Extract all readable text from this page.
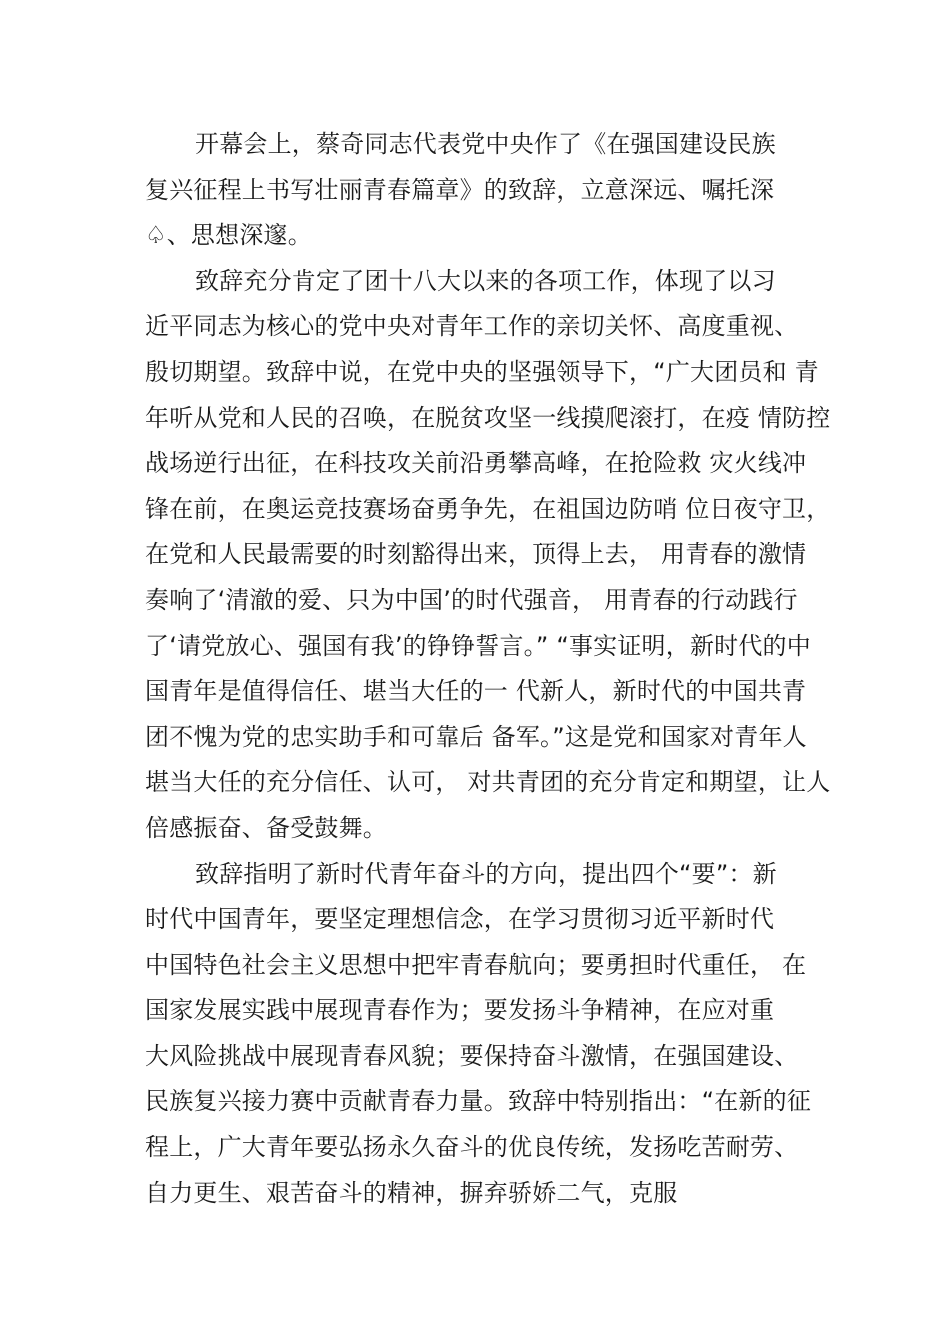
开幕会上，蔡奇同志代表党中央作了《在强国建设民族
复兴征程上书写壮丽青春篇章》的致辞，立意深远、嘱托深
♤、思想深邃。
致辞充分肯定了团十八大以来的各项工作，体现了以习
近平同志为核心的党中央对青年工作的亲切关怀、高度重视、
殷切期望。致辞中说，在党中央的坚强领导下，“广大团员和 青
年听从党和人民的召唤，在脱贫攻坚一线摸爬滚打，在疫 情防控
战场逆行出征，在科技攻关前沿勇攀高峰，在抢险救 灾火线冲
锋在前，在奥运竞技赛场奋勇争先，在祖国边防哨 位日夜守卫，
在党和人民最需要的时刻豁得出来，顶得上去， 用青春的激情
奏响了‘清澈的爱、只为中国’的时代强音， 用青春的行动践行
了‘请党放心、强国有我’的铮铮誓言。” “事实证明，新时代的中
国青年是值得信任、堪当大任的一 代新人，新时代的中国共青
团不愧为党的忠实助手和可靠后 备军。”这是党和国家对青年人
堪当大任的充分信任、认可， 对共青团的充分肯定和期望，让人
倍感振奋、备受鼓舞。
致辞指明了新时代青年奋斗的方向，提出四个“要”：新
时代中国青年，要坚定理想信念，在学习贯彻习近平新时代
中国特色社会主义思想中把牢青春航向；要勇担时代重任， 在
国家发展实践中展现青春作为；要发扬斗争精神，在应对重
大风险挑战中展现青春风貌；要保持奋斗激情，在强国建设、
民族复兴接力赛中贡献青春力量。致辞中特别指出：“在新的征
程上，广大青年要弘扬永久奋斗的优良传统，发扬吃苦耐劳、
自力更生、艰苦奋斗的精神，摒弃骄娇二气，克服
